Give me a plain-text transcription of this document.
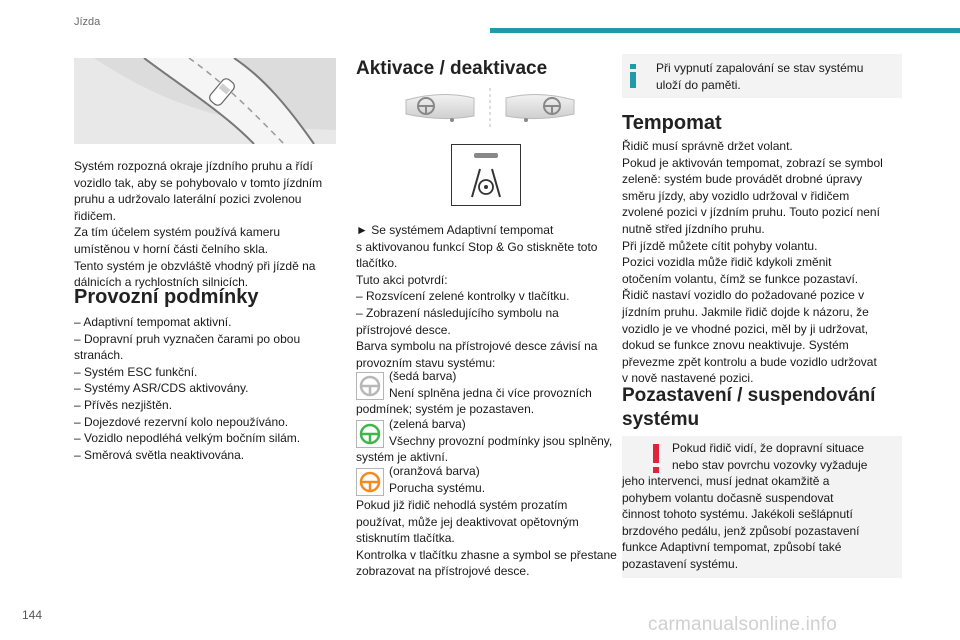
Jízda

Systém rozpozná okraje jízdního pruhu a řídí

vozidlo tak, aby se pohybovalo v tomto jízdním

pruhu a udržovalo laterální pozici zvolenou

řidičem.

Za tím účelem systém používá kameru

umístěnou v horní části čelního skla.

Tento systém je obzvláště vhodný při jízdě na

dálnicích a rychlostních silnicích.

Provozní podmínky

– Adaptivní tempomat aktivní.

– Dopravní pruh vyznačen čarami po obou

stranách.

– Systém ESC funkční.

– Systémy ASR/CDS aktivovány.

– Přívěs nezjištěn.

– Dojezdové rezervní kolo nepoužíváno.

– Vozidlo nepodléhá velkým bočním silám.

– Směrová světla neaktivována.

Aktivace / deaktivace

► Se systémem Adaptivní tempomat

s aktivovanou funkcí Stop & Go stiskněte toto

tlačítko.

Tuto akci potvrdí:

– Rozsvícení zelené kontrolky v tlačítku.

– Zobrazení následujícího symbolu na

přístrojové desce.

Barva symbolu na přístrojové desce závisí na

provozním stavu systému:

(šedá barva)
Není splněna jedna či více provozních
podmínek; systém je pozastaven.
(zelená barva)
Všechny provozní podmínky jsou splněny,
systém je aktivní.
(oranžová barva)
Porucha systému.

Pokud již řidič nehodlá systém prozatím

používat, může jej deaktivovat opětovným

stisknutím tlačítka.

Kontrolka v tlačítku zhasne a symbol se přestane

zobrazovat na přístrojové desce.

Při vypnutí zapalování se stav systému
uloží do paměti.
Tempomat

Řidič musí správně držet volant.

Pokud je aktivován tempomat, zobrazí se symbol

zeleně: systém bude provádět drobné úpravy

směru jízdy, aby vozidlo udržoval v řidičem

zvolené pozici v jízdním pruhu. Touto pozicí není

nutně střed jízdního pruhu.

Při jízdě můžete cítit pohyby volantu.

Pozici vozidla může řidič kdykoli změnit

otočením volantu, čímž se funkce pozastaví.

Řidič nastaví vozidlo do požadované pozice v

jízdním pruhu. Jakmile řidič dojde k názoru, že

vozidlo je ve vhodné pozici, měl by ji udržovat,

dokud se funkce znovu neaktivuje. Systém

převezme zpět kontrolu a bude vozidlo udržovat

v nově nastavené pozici.

Pozastavení / suspendování
systému
Pokud řidič vidí, že dopravní situace
nebo stav povrchu vozovky vyžaduje
jeho intervenci, musí jednat okamžitě a
pohybem volantu dočasně suspendovat
činnost tohoto systému. Jakékoli sešlápnutí
brzdového pedálu, jenž způsobí pozastavení
funkce Adaptivní tempomat, způsobí také
pozastavení systému.
144	carmanualsonline.info
